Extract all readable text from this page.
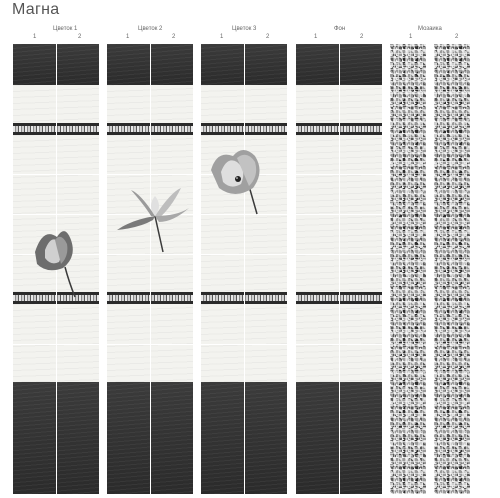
Магна
Цветок 1
1	2
Цветок 2
1	2
Цветок 3
1	2
Фон
1	2
Мозаика
1	2
